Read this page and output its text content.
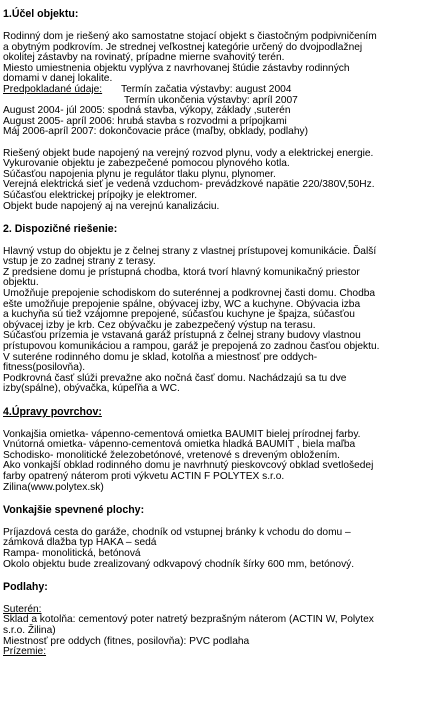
1.Účel objektu:

Rodinný dom je riešený ako samostatne stojací objekt s čiastočným podpivničením

a obytným podkrovím. Je strednej veľkostnej kategórie určený do dvojpodlažnej

okolitej zástavby na rovinatý, prípadne mierne svahovitý terén.

Miesto umiestnenia objektu vyplýva z navrhovanej štúdie zástavby rodinných

domami v danej lokalite.

Predpokladané údaje: Termín začatia výstavby: august 2004

Termín ukončenia výstavby: apríl 2007

August 2004- júl 2005: spodná stavba, výkopy, základy ,suterén

August 2005- apríl 2006: hrubá stavba s rozvodmi a prípojkami

Máj 2006-apríl 2007: dokončovacie práce (maľby, obklady, podlahy)

Riešený objekt bude napojený na verejný rozvod plynu, vody a elektrickej energie.

Vykurovanie objektu je zabezpečené pomocou plynového kotla.

Súčasťou napojenia plynu je regulátor tlaku plynu, plynomer.

Verejná elektrická sieť je vedená vzduchom- prevádzkové napätie 220/380V,50Hz.

Súčasťou elektrickej prípojky je elektromer.

Objekt bude napojený aj na verejnú kanalizáciu.

2. Dispozičné riešenie:

Hlavný vstup do objektu je z čelnej strany z vlastnej prístupovej komunikácie. Ďalší

vstup je zo zadnej strany z terasy.

Z predsiene domu je prístupná chodba, ktorá tvorí hlavný komunikačný priestor

objektu.

Umožňuje prepojenie schodiskom do suterénnej a podkrovnej časti domu. Chodba

ešte umožňuje prepojenie spálne, obývacej izby, WC a kuchyne. Obývacia izba

a kuchyňa sú tiež vzájomne prepojené, súčasťou kuchyne je špajza, súčasťou

obývacej izby je krb. Cez obývačku je zabezpečený výstup na terasu.

Súčasťou prízemia je vstavaná garáž prístupná z čelnej strany budovy vlastnou

prístupovou komunikáciou a rampou, garáž je prepojená zo zadnou časťou objektu.

V suteréne rodinného domu je sklad, kotolňa a miestnosť pre oddych-

fitness(posilovňa).

Podkrovná časť slúži prevažne ako nočná časť domu. Nachádzajú sa tu dve

izby(spálne), obývačka, kúpeľňa a WC.

4.Úpravy povrchov:

Vonkajšia omietka- vápenno-cementová omietka BAUMIT bielej prírodnej farby.

Vnútorná omietka- vápenno-cementová omietka hladká BAUMIT , biela maľba

Schodisko- monolitické železobetónové, vretenové s dreveným obložením.

Ako vonkajší obklad rodinného domu je navrhnutý pieskovcový obklad svetlošedej

farby opatrený náterom proti výkvetu ACTIN F POLYTEX s.r.o.

Zilina(www.polytex.sk)

Vonkajšie spevnené plochy:

Príjazdová cesta do garáže, chodník od vstupnej bránky k vchodu do domu –

zámková dlažba typ HAKA – sedá

Rampa- monolitická, betónová

Okolo objektu bude zrealizovaný odkvapový chodník šírky 600 mm, betónový.

Podlahy:

Suterén:

Sklad a kotolňa: cementový poter natretý bezprašným náterom (ACTIN W, Polytex

s.r.o. Žilina)

Miestnosť pre oddych (fitnes, posilovňa): PVC podlaha

Prízemie:
